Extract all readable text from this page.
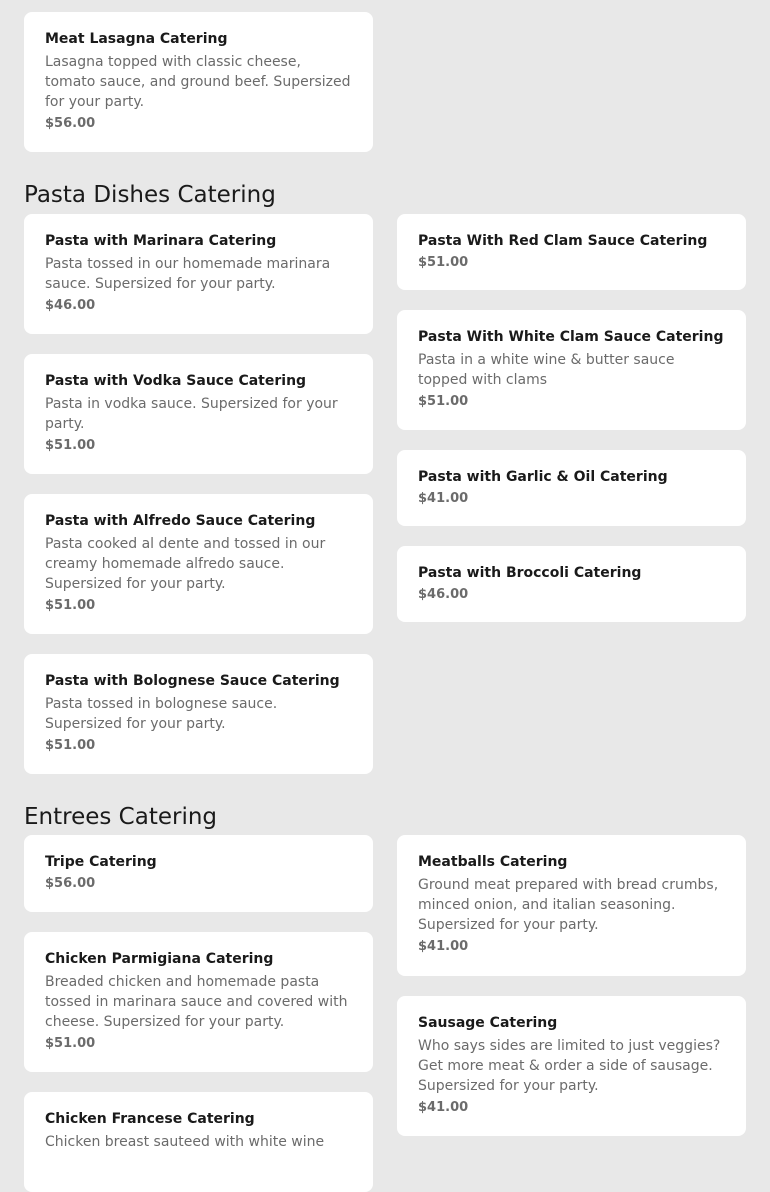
Meat Lasagna Catering
Lasagna topped with classic cheese, tomato sauce, and ground beef. Supersized for your party.
$56.00
Pasta Dishes Catering
Pasta with Marinara Catering
Pasta tossed in our homemade marinara sauce. Supersized for your party.
$46.00
Pasta With Red Clam Sauce Catering
$51.00
Pasta with Vodka Sauce Catering
Pasta in vodka sauce. Supersized for your party.
$51.00
Pasta With White Clam Sauce Catering
Pasta in a white wine & butter sauce topped with clams
$51.00
Pasta with Alfredo Sauce Catering
Pasta cooked al dente and tossed in our creamy homemade alfredo sauce. Supersized for your party.
$51.00
Pasta with Garlic & Oil Catering
$41.00
Pasta with Bolognese Sauce Catering
Pasta tossed in bolognese sauce. Supersized for your party.
$51.00
Pasta with Broccoli Catering
$46.00
Entrees Catering
Tripe Catering
$56.00
Meatballs Catering
Ground meat prepared with bread crumbs, minced onion, and italian seasoning. Supersized for your party.
$41.00
Chicken Parmigiana Catering
Breaded chicken and homemade pasta tossed in marinara sauce and covered with cheese. Supersized for your party.
$51.00
Sausage Catering
Who says sides are limited to just veggies? Get more meat & order a side of sausage. Supersized for your party.
$41.00
Chicken Francese Catering
Chicken breast sauteed with white wine
